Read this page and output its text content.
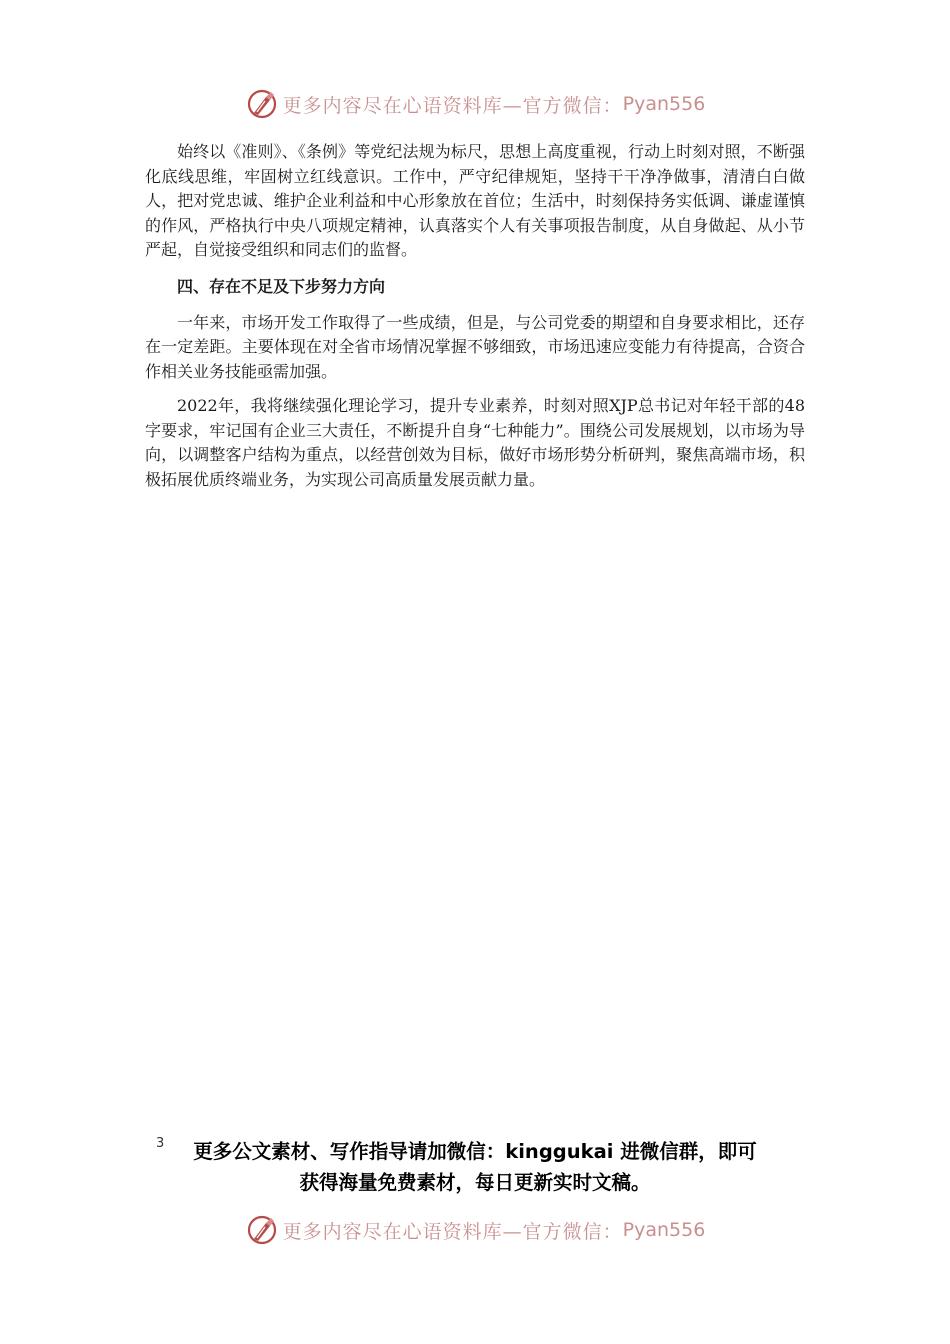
更多内容尽在心语资料库—官方微信： Pyan556

始终以《准则》、《条例》等党纪法规为标尺，思想上高度重视，行动上时刻对照，不断强化底线思维，牢固树立红线意识。工作中，严守纪律规矩，坚持干干净净做事，清清白白做人，把对党忠诚、维护企业利益和中心形象放在首位；生活中，时刻保持务实低调、谦虚谨慎的作风，严格执行中央八项规定精神，认真落实个人有关事项报告制度，从自身做起、从小节严起，自觉接受组织和同志们的监督。

四、存在不足及下步努力方向

一年来，市场开发工作取得了一些成绩，但是，与公司党委的期望和自身要求相比，还存在一定差距。主要体现在对全省市场情况掌握不够细致，市场迅速应变能力有待提高，合资合作相关业务技能亟需加强。

2022年，我将继续强化理论学习，提升专业素养，时刻对照XJP总书记对年轻干部的48字要求，牢记国有企业三大责任，不断提升自身“七种能力”。围绕公司发展规划，以市场为导向，以调整客户结构为重点，以经营创效为目标，做好市场形势分析研判，聚焦高端市场，积极拓展优质终端业务，为实现公司高质量发展贡献力量。

3	更多公文素材、写作指导请加微信：kinggukai 进微信群，即可
获得海量免费素材，每日更新实时文稿。
更多内容尽在心语资料库—官方微信： Pyan556
